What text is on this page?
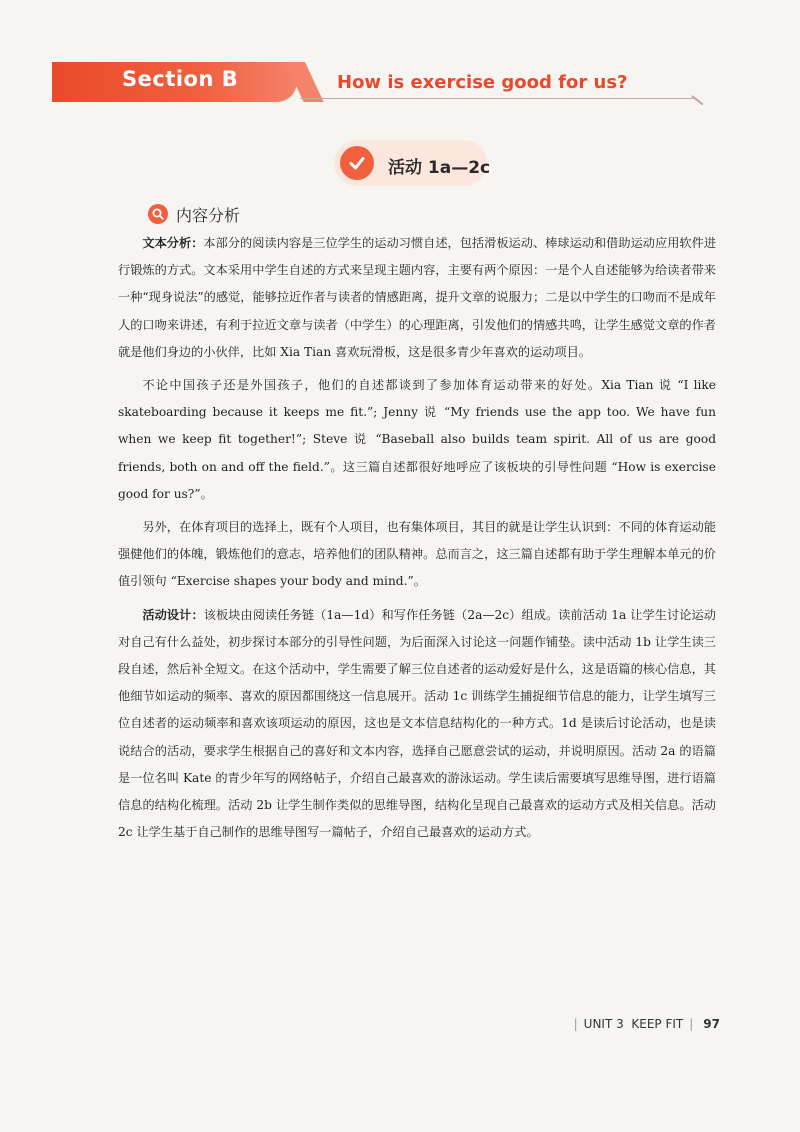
Section B	How is exercise good for us?
活动 1a—2c
内容分析

文本分析：本部分的阅读内容是三位学生的运动习惯自述，包括滑板运动、棒球运动和借助运动应用软件进行锻炼的方式。文本采用中学生自述的方式来呈现主题内容，主要有两个原因：一是个人自述能够为给读者带来一种“现身说法”的感觉，能够拉近作者与读者的情感距离，提升文章的说服力；二是以中学生的口吻而不是成年人的口吻来讲述，有利于拉近文章与读者（中学生）的心理距离，引发他们的情感共鸣，让学生感觉文章的作者就是他们身边的小伙伴，比如 Xia Tian 喜欢玩滑板，这是很多青少年喜欢的运动项目。

不论中国孩子还是外国孩子，他们的自述都谈到了参加体育运动带来的好处。Xia Tian 说 “I like skateboarding because it keeps me fit.”; Jenny 说 “My friends use the app too. We have fun when we keep fit together!”; Steve 说 “Baseball also builds team spirit. All of us are good friends, both on and off the field.”。这三篇自述都很好地呼应了该板块的引导性问题 “How is exercise good for us?”。

另外，在体育项目的选择上，既有个人项目，也有集体项目，其目的就是让学生认识到：不同的体育运动能强健他们的体魄，锻炼他们的意志，培养他们的团队精神。总而言之，这三篇自述都有助于学生理解本单元的价值引领句 “Exercise shapes your body and mind.”。

活动设计：该板块由阅读任务链（1a—1d）和写作任务链（2a—2c）组成。读前活动 1a 让学生讨论运动对自己有什么益处，初步探讨本部分的引导性问题，为后面深入讨论这一问题作铺垫。读中活动 1b 让学生读三段自述，然后补全短文。在这个活动中，学生需要了解三位自述者的运动爱好是什么，这是语篇的核心信息，其他细节如运动的频率、喜欢的原因都围绕这一信息展开。活动 1c 训练学生捕捉细节信息的能力，让学生填写三位自述者的运动频率和喜欢该项运动的原因，这也是文本信息结构化的一种方式。1d 是读后讨论活动，也是读说结合的活动，要求学生根据自己的喜好和文本内容，选择自己愿意尝试的运动，并说明原因。活动 2a 的语篇是一位名叫 Kate 的青少年写的网络帖子，介绍自己最喜欢的游泳运动。学生读后需要填写思维导图，进行语篇信息的结构化梳理。活动 2b 让学生制作类似的思维导图，结构化呈现自己最喜欢的运动方式及相关信息。活动 2c 让学生基于自己制作的思维导图写一篇帖子，介绍自己最喜欢的运动方式。

| UNIT 3 KEEP FIT | 97
